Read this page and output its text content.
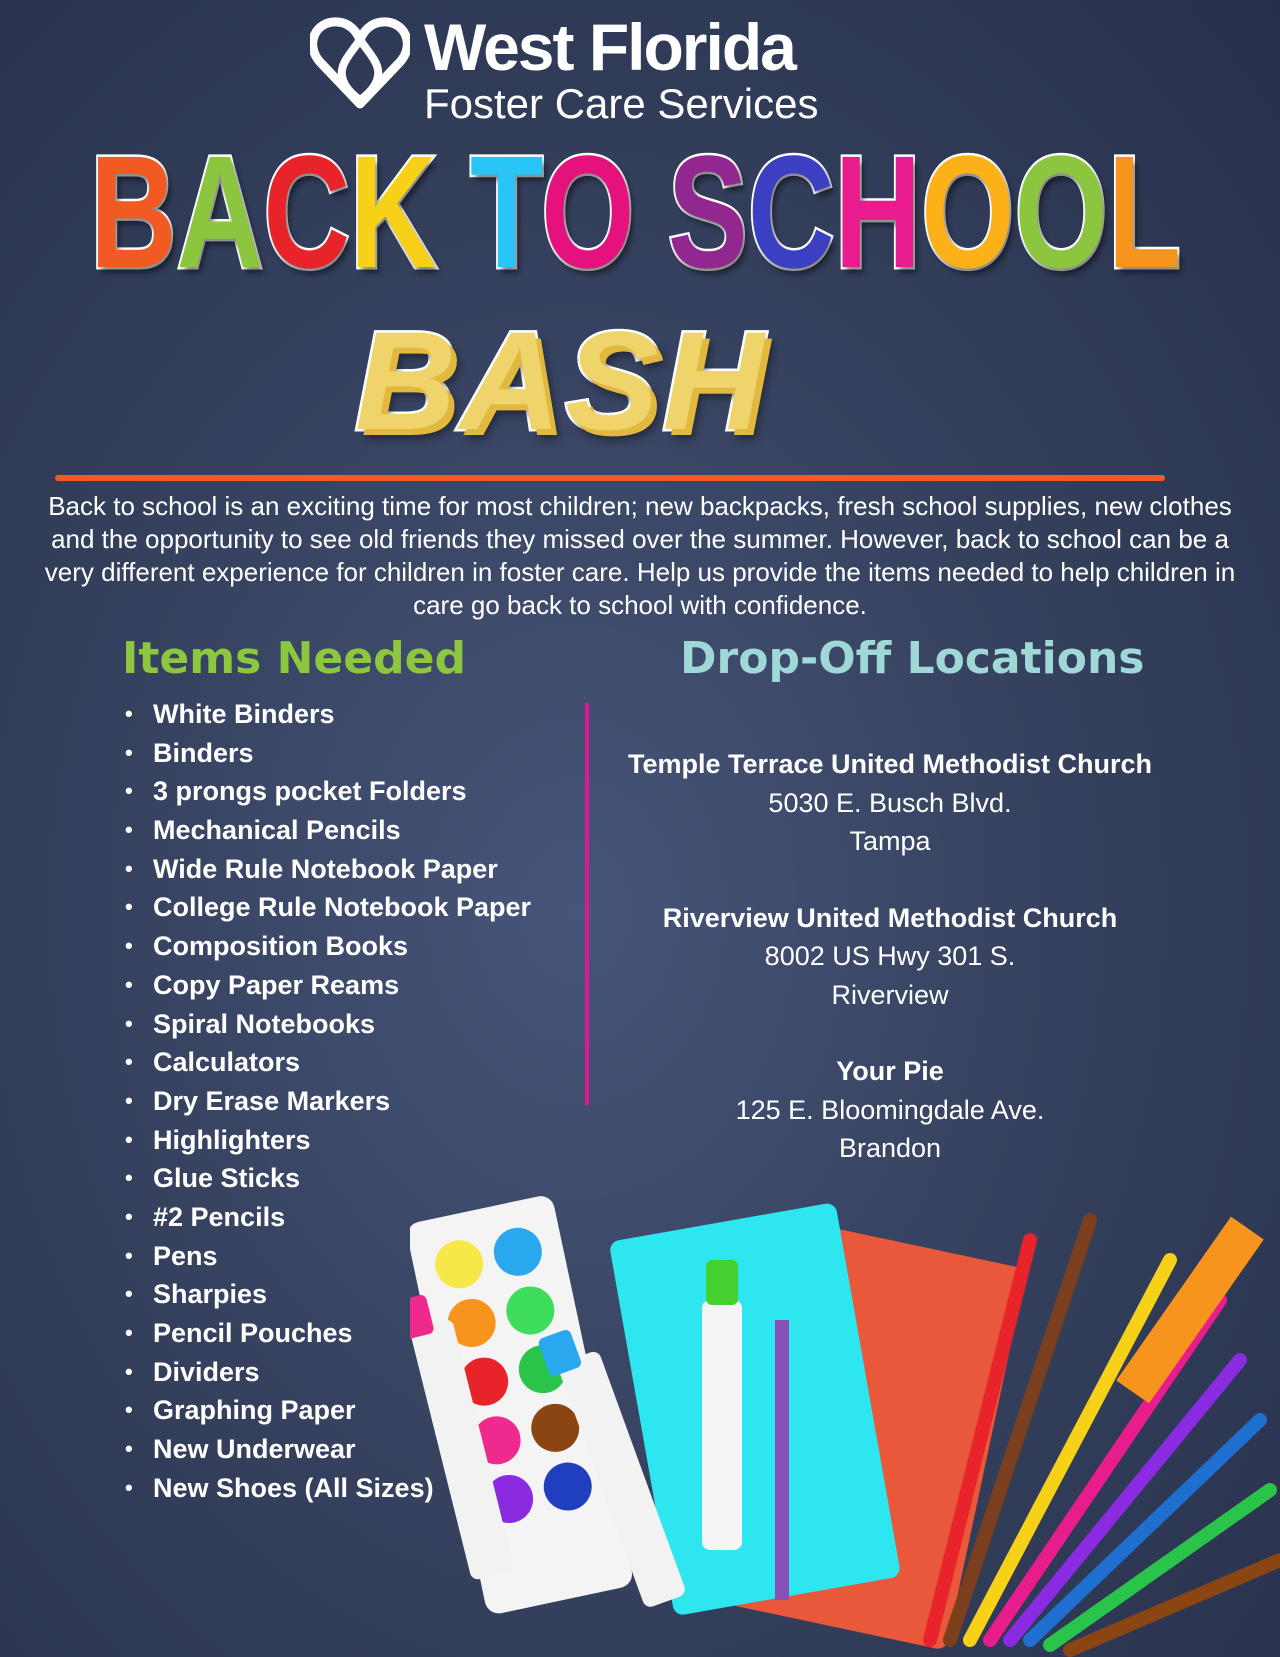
West Florida
Foster Care Services
BACK TO SCHOOL
BASH
Back to school is an exciting time for most children; new backpacks, fresh school supplies, new clothes and the opportunity to see old friends they missed over the summer. However, back to school can be a very different experience for children in foster care. Help us provide the items needed to help children in care go back to school with confidence.
Items Needed	Drop-Off Locations
• White Binders
• Binders
• 3 prongs pocket Folders
• Mechanical Pencils
• Wide Rule Notebook Paper
• College Rule Notebook Paper
• Composition Books
• Copy Paper Reams
• Spiral Notebooks
• Calculators
• Dry Erase Markers
• Highlighters
• Glue Sticks
• #2 Pencils
• Pens
• Sharpies
• Pencil Pouches
• Dividers
• Graphing Paper
• New Underwear
• New Shoes (All Sizes)
Temple Terrace United Methodist Church
5030 E. Busch Blvd.
Tampa
Riverview United Methodist Church
8002 US Hwy 301 S.
Riverview
Your Pie
125 E. Bloomingdale Ave.
Brandon
